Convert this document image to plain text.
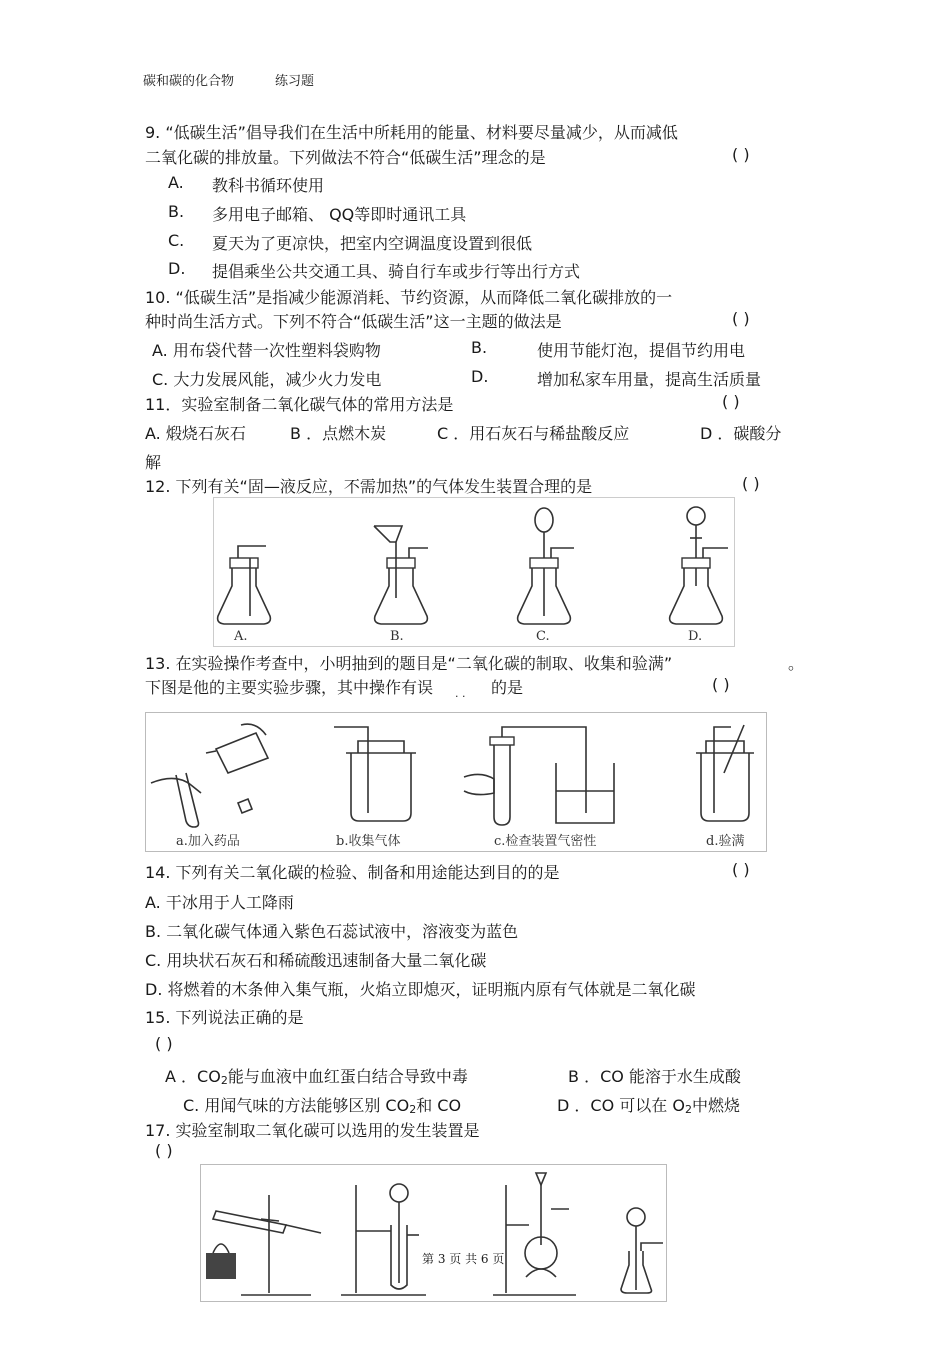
碳和碳的化合物	练习题
9. “低碳生活”倡导我们在生活中所耗用的能量、材料要尽量减少，从而减低
二氧化碳的排放量。下列做法不符合“低碳生活”理念的是	( )
A. 教科书循环使用
B. 多用电子邮箱、 QQ等即时通讯工具
C. 夏天为了更凉快，把室内空调温度设置到很低
D. 提倡乘坐公共交通工具、骑自行车或步行等出行方式
10. “低碳生活”是指减少能源消耗、节约资源，从而降低二氧化碳排放的一
种时尚生活方式。下列不符合“低碳生活”这一主题的做法是	( )
A. 用布袋代替一次性塑料袋购物	B.	使用节能灯泡，提倡节约用电
C. 大力发展风能，减少火力发电	D.	增加私家车用量，提高生活质量
11．实验室制备二氧化碳气体的常用方法是	( )
A. 煅烧石灰石	B ．点燃木炭	C ．用石灰石与稀盐酸反应	D ．碳酸分
解
12. 下列有关“固—液反应，不需加热”的气体发生装置合理的是	( )
A.	B.	C.	D.
13. 在实验操作考查中，小明抽到的题目是“二氧化碳的制取、收集和验满”	。
下图是他的主要实验步骤，其中操作有误 · · 的是	( )
a.加入药品	b.收集气体	c.检查装置气密性	d.验满
14. 下列有关二氧化碳的检验、制备和用途能达到目的的是	( )
A. 干冰用于人工降雨
B. 二氧化碳气体通入紫色石蕊试液中，溶液变为蓝色
C. 用块状石灰石和稀硫酸迅速制备大量二氧化碳
D. 将燃着的木条伸入集气瓶，火焰立即熄灭，证明瓶内原有气体就是二氧化碳
15. 下列说法正确的是
( )
A ．CO2能与血液中血红蛋白结合导致中毒	B ．CO 能溶于水生成酸
C. 用闻气味的方法能够区别 CO2和 CO	D ．CO 可以在 O2中燃烧
17. 实验室制取二氧化碳可以选用的发生装置是
( )
第 3 页 共 6 页
